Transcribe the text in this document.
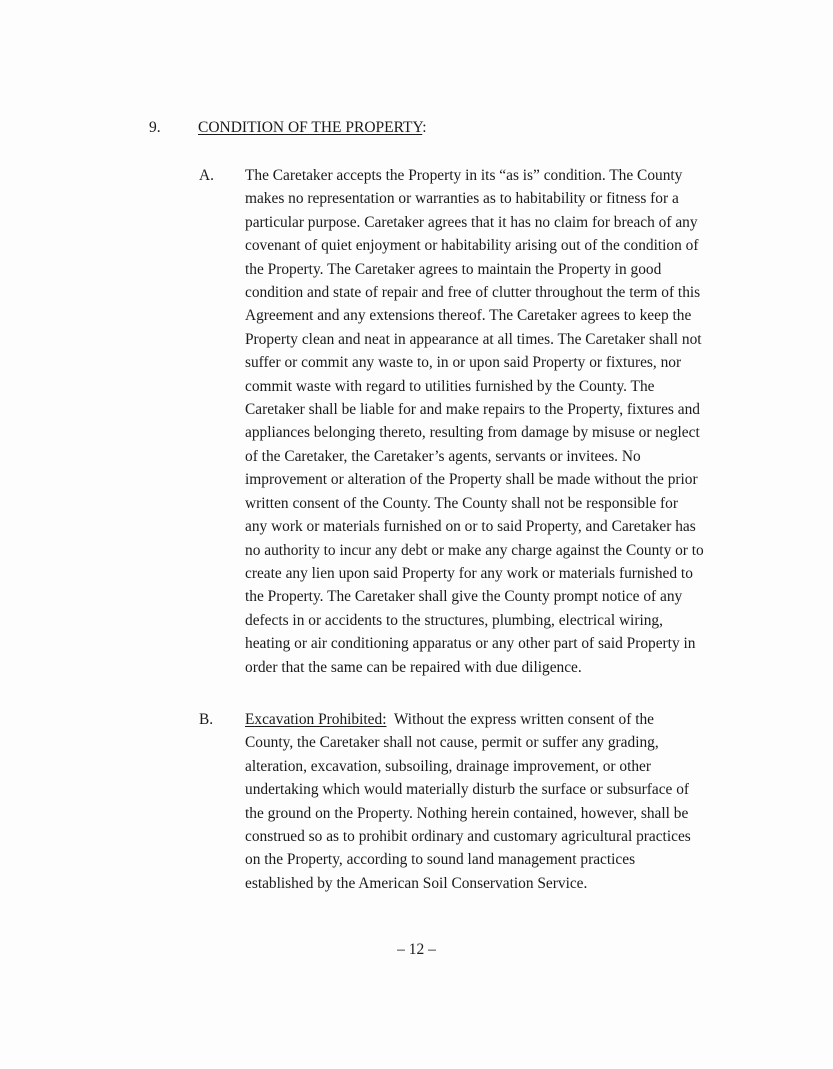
9. CONDITION OF THE PROPERTY:
A. The Caretaker accepts the Property in its “as is” condition. The County
makes no representation or warranties as to habitability or fitness for a
particular purpose. Caretaker agrees that it has no claim for breach of any
covenant of quiet enjoyment or habitability arising out of the condition of
the Property. The Caretaker agrees to maintain the Property in good
condition and state of repair and free of clutter throughout the term of this
Agreement and any extensions thereof. The Caretaker agrees to keep the
Property clean and neat in appearance at all times. The Caretaker shall not
suffer or commit any waste to, in or upon said Property or fixtures, nor
commit waste with regard to utilities furnished by the County. The
Caretaker shall be liable for and make repairs to the Property, fixtures and
appliances belonging thereto, resulting from damage by misuse or neglect
of the Caretaker, the Caretaker’s agents, servants or invitees. No
improvement or alteration of the Property shall be made without the prior
written consent of the County. The County shall not be responsible for
any work or materials furnished on or to said Property, and Caretaker has
no authority to incur any debt or make any charge against the County or to
create any lien upon said Property for any work or materials furnished to
the Property. The Caretaker shall give the County prompt notice of any
defects in or accidents to the structures, plumbing, electrical wiring,
heating or air conditioning apparatus or any other part of said Property in
order that the same can be repaired with due diligence.
B. Excavation Prohibited:  Without the express written consent of the
County, the Caretaker shall not cause, permit or suffer any grading,
alteration, excavation, subsoiling, drainage improvement, or other
undertaking which would materially disturb the surface or subsurface of
the ground on the Property. Nothing herein contained, however, shall be
construed so as to prohibit ordinary and customary agricultural practices
on the Property, according to sound land management practices
established by the American Soil Conservation Service.
– 12 –
